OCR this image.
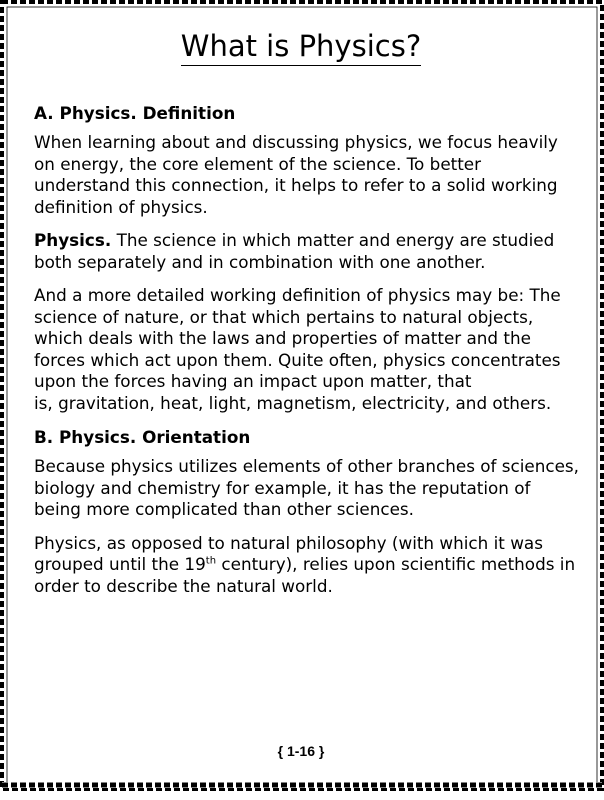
What is Physics?
A. Physics. Definition

When learning about and discussing physics, we focus heavily on energy, the core element of the science. To better understand this connection, it helps to refer to a solid working definition of physics.

Physics. The science in which matter and energy are studied both separately and in combination with one another.

And a more detailed working definition of physics may be: The science of nature, or that which pertains to natural objects, which deals with the laws and properties of matter and the forces which act upon them. Quite often, physics concentrates upon the forces having an impact upon matter, that
is, gravitation, heat, light, magnetism, electricity, and others.

B. Physics. Orientation

Because physics utilizes elements of other branches of sciences, biology and chemistry for example, it has the reputation of being more complicated than other sciences.

Physics, as opposed to natural philosophy (with which it was grouped until the 19th century), relies upon scientific methods in order to describe the natural world.

{ 1-16 }
